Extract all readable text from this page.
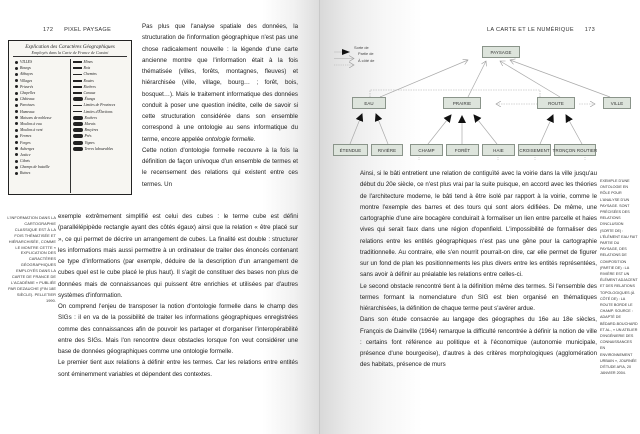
172 PIXEL PAYSAGE
Explication des Caractères Géographiques
Employés dans la Carte de France de Cassini
VILLES
Bourgs
Abbayes
Villages
Prieurés
Chapelles
Châteaux
Paroisses
Hameaux
Maisons de noblesse
Moulins à eau
Moulins à vent
Fermes
Forges
Auberges
Justice
Gibets
Champs de bataille
Ruines
Mines
Bois
Chemins
Routes
Rivières
Canaux
Étangs
Limites de Provinces
Limites d'Élections
Rochers
Marais
Bruyères
Prés
Vignes
Terres labourables
L'INFORMATION DANS LA CARTOGRAPHIE CLASSIQUE EST À LA FOIS THÉMATISÉE ET HIÉRARCHISÉE, COMME LE MONTRE CETTE « EXPLICATION DES CARACTÈRES GÉOGRAPHIQUES EMPLOYÉS DANS LA CARTE DE FRANCE DE L'ACADÉMIE » PUBLIÉE PAR DEZAUCHE (FIN 18E SIÈCLE). PELLETIER 1990.

Pas plus que l'analyse spatiale des données, la structuration de l'information géographique n'est pas une chose radicalement nouvelle : la légende d'une carte ancienne montre que l'information était à la fois thématisée (villes, forêts, montagnes, fleuves) et hiérarchisée (ville, village, bourg… ; forêt, bois, bosquet…). Mais le traitement informatique des données conduit à poser une question inédite, celle de savoir si cette structuration considérée dans son ensemble correspond à une ontologie au sens informatique du terme, encore appelée ontologie formelle.

Cette notion d'ontologie formelle recouvre à la fois la définition de façon univoque d'un ensemble de termes et le recensement des relations qui existent entre ces termes. Un

exemple extrêmement simplifié est celui des cubes : le terme cube est défini (parallélépipède rectangle ayant des côtés égaux) ainsi que la relation « être placé sur », ce qui permet de décrire un arrangement de cubes. La finalité est double : structurer les informations mais aussi permettre à un ordinateur de traiter des énoncés contenant ce type d'informations (par exemple, déduire de la description d'un arrangement de cubes quel est le cube placé le plus haut). Il s'agit de constituer des bases non plus de données mais de connaissances qui puissent être enrichies et utilisées par d'autres systèmes d'information.

On comprend l'enjeu de transposer la notion d'ontologie formelle dans le champ des SIGs : il en va de la possibilité de traiter les informations géographiques enregistrées comme des connaissances afin de pouvoir les partager et d'organiser l'interopérabilité entre des SIGs. Mais l'on rencontre deux obstacles lorsque l'on veut considérer une base de données géographiques comme une ontologie formelle.

Le premier tient aux relations à définir entre les termes. Car les relations entre entités sont éminemment variables et dépendent des contextes.

LA CARTE ET LE NUMÉRIQUE 173
Sorte de
Partie de
À côté de
PAYSAGE
EAU	PRAIRIE	ROUTE	VILLE
ÉTENDUE	RIVIÈRE	CHAMP	FORÊT	HAIE	CROISEMENT TRONÇON ROUTIER

Ainsi, si le bâti entretient une relation de contiguïté avec la voirie dans la ville jusqu'au début du 20e siècle, ce n'est plus vrai par la suite puisque, en accord avec les théories de l'architecture moderne, le bâti tend à être isolé par rapport à la voirie, comme le montre l'exemple des barres et des tours qui sont alors édifiées. De même, une cartographie d'une aire bocagère conduirait à formaliser un lien entre parcelle et haies vives qui serait faux dans une région d'openfield. L'impossibilité de formaliser des relations entre les entités géographiques n'est pas une gêne pour la cartographie traditionnelle. Au contraire, elle s'en nourrit pourrait-on dire, car elle permet de figurer sur un fond de plan les positionnements les plus divers entre les entités représentées, sans avoir à définir au préalable les relations entre celles-ci.

Le second obstacle rencontré tient à la définition même des termes. Si l'ensemble des termes formant la nomenclature d'un SIG est bien organisé en thématiques hiérarchisées, la définition de chaque terme peut s'avérer ardue.

Dans son étude consacrée au langage des géographes du 16e au 18e siècles, François de Dainville (1964) remarque la difficulté rencontrée à définir la notion de ville : certains font référence au politique et à l'économique (autonomie municipale, présence d'une bourgeoise), d'autres à des critères morphologiques (agglomération des habitats, présence de murs

EXEMPLE D'UNE ONTOLOGIE EN RÔLE POUR L'ANALYSE D'UN PAYSAGE. SONT PRÉCISÉES DES RELATIONS D'INCLUSION (SORTE DE) : L'ÉLÉMENT EAU FAIT PARTIE DU PAYSAGE, DES RELATIONS DE COMPOSITION (PARTIE DE) : LA RIVIÈRE EST UN ÉLÉMENT ADJACENT ET DES RELATIONS TOPOLOGIQUES (À CÔTÉ DE) : LA ROUTE BORDE LE CHAMP. SOURCE : ADAPTÉ DE BÉDARD-BOUCHARD ET AL., « UN ATELIER D'INGÉNIERIE DES CONNAISSANCES EN ENVIRONNEMENT URBAIN », JOURNÉE D'ÉTUDE AFIA, 20 JANVIER 2004.
